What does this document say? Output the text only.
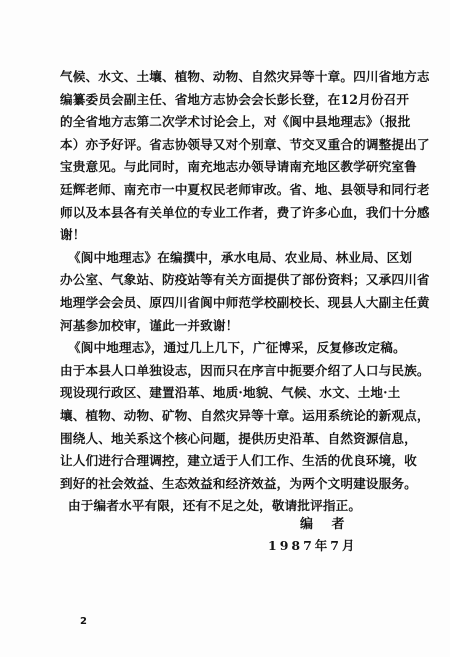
气候、水文、土壤、植物、动物、自然灾异等十章。四川省地方志
编纂委员会副主任、省地方志协会会长彭长登，在12月份召开
的全省地方志第二次学术讨论会上，对《阆中县地理志》（报批
本）亦予好评。省志协领导又对个别章、节交叉重合的调整提出了
宝贵意见。与此同时，南充地志办领导请南充地区教学研究室鲁
廷辉老师、南充市一中夏权民老师审改。省、地、县领导和同行老
师以及本县各有关单位的专业工作者，费了许多心血，我们十分感
谢！
《阆中地理志》在编撰中，承水电局、农业局、林业局、区划
办公室、气象站、防疫站等有关方面提供了部份资料；又承四川省
地理学会会员、原四川省阆中师范学校副校长、现县人大副主任黄
河基参加校审，谨此一并致谢！
《阆中地理志》，通过几上几下，广征博采，反复修改定稿。
由于本县人口单独设志，因而只在序言中扼要介绍了人口与民族。
现设现行政区、建置沿革、地质·地貌、气候、水文、土地·土
壤、植物、动物、矿物、自然灾异等十章。运用系统论的新观点，
围绕人、地关系这个核心问题，提供历史沿革、自然资源信息，
让人们进行合理调控，建立适于人们工作、生活的优良环境，收
到好的社会效益、生态效益和经济效益，为两个文明建设服务。
由于编者水平有限，还有不足之处，敬请批评指正。
编 者
1987年7月
2
